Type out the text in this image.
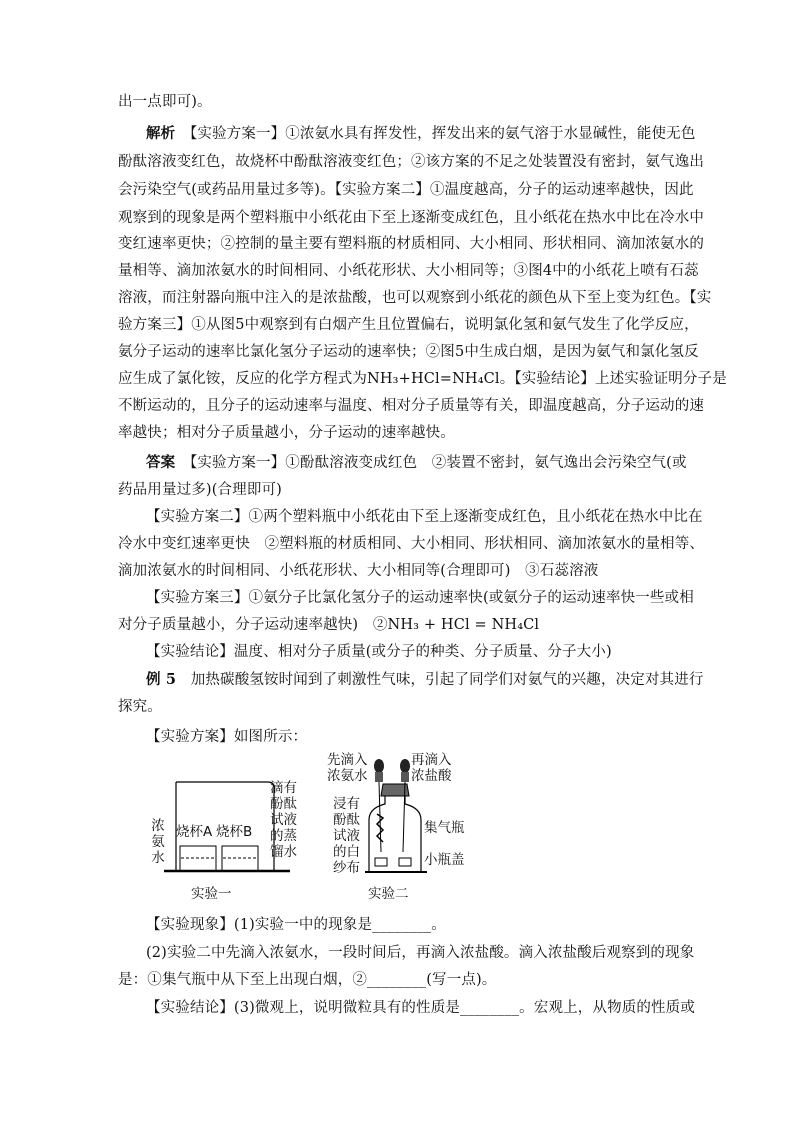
出一点即可)。
解析　 【实验方案一】①浓氨水具有挥发性，挥发出来的氨气溶于水显碱性，能使无色
酚酞溶液变红色，故烧杯中酚酞溶液变红色；②该方案的不足之处装置没有密封，氨气逸出
会污染空气(或药品用量过多等)。【实验方案二】①温度越高，分子的运动速率越快，因此
观察到的现象是两个塑料瓶中小纸花由下至上逐渐变成红色，且小纸花在热水中比在冷水中
变红速率更快；②控制的量主要有塑料瓶的材质相同、大小相同、形状相同、滴加浓氨水的
量相等、滴加浓氨水的时间相同、小纸花形状、大小相同等；③图4中的小纸花上喷有石蕊
溶液，而注射器向瓶中注入的是浓盐酸，也可以观察到小纸花的颜色从下至上变为红色。【实
验方案三】①从图5中观察到有白烟产生且位置偏右，说明氯化氢和氨气发生了化学反应，
氨分子运动的速率比氯化氢分子运动的速率快；②图5中生成白烟，是因为氨气和氯化氢反
应生成了氯化铵，反应的化学方程式为NH₃+HCl=NH₄Cl。【实验结论】上述实验证明分子是
不断运动的，且分子的运动速率与温度、相对分子质量等有关，即温度越高，分子运动的速
率越快；相对分子质量越小，分子运动的速率越快。
答案　 【实验方案一】①酚酞溶液变成红色　②装置不密封，氨气逸出会污染空气(或
药品用量过多)(合理即可)
【实验方案二】①两个塑料瓶中小纸花由下至上逐渐变成红色，且小纸花在热水中比在
冷水中变红速率更快　②塑料瓶的材质相同、大小相同、形状相同、滴加浓氨水的量相等、
滴加浓氨水的时间相同、小纸花形状、大小相同等(合理即可)　③石蕊溶液
【实验方案三】①氨分子比氯化氢分子的运动速率快(或氨分子的运动速率快一些或相
对分子质量越小，分子运动速率越快)　②NH₃ + HCl = NH₄Cl
【实验结论】温度、相对分子质量(或分子的种类、分子质量、分子大小)
例 5　 加热碳酸氢铵时闻到了刺激性气味，引起了同学们对氨气的兴趣，决定对其进行
探究。
【实验方案】如图所示：
浓氨水
烧杯A 烧杯B
滴有酚酞试液的蒸馏水
实验一
先滴入浓氨水
再滴入浓盐酸
浸有酚酞试液的白纱布
集气瓶
小瓶盖
实验二
【实验现象】(1)实验一中的现象是________。
(2)实验二中先滴入浓氨水，一段时间后，再滴入浓盐酸。滴入浓盐酸后观察到的现象
是：①集气瓶中从下至上出现白烟，②________(写一点)。
【实验结论】(3)微观上，说明微粒具有的性质是________。宏观上，从物质的性质或
